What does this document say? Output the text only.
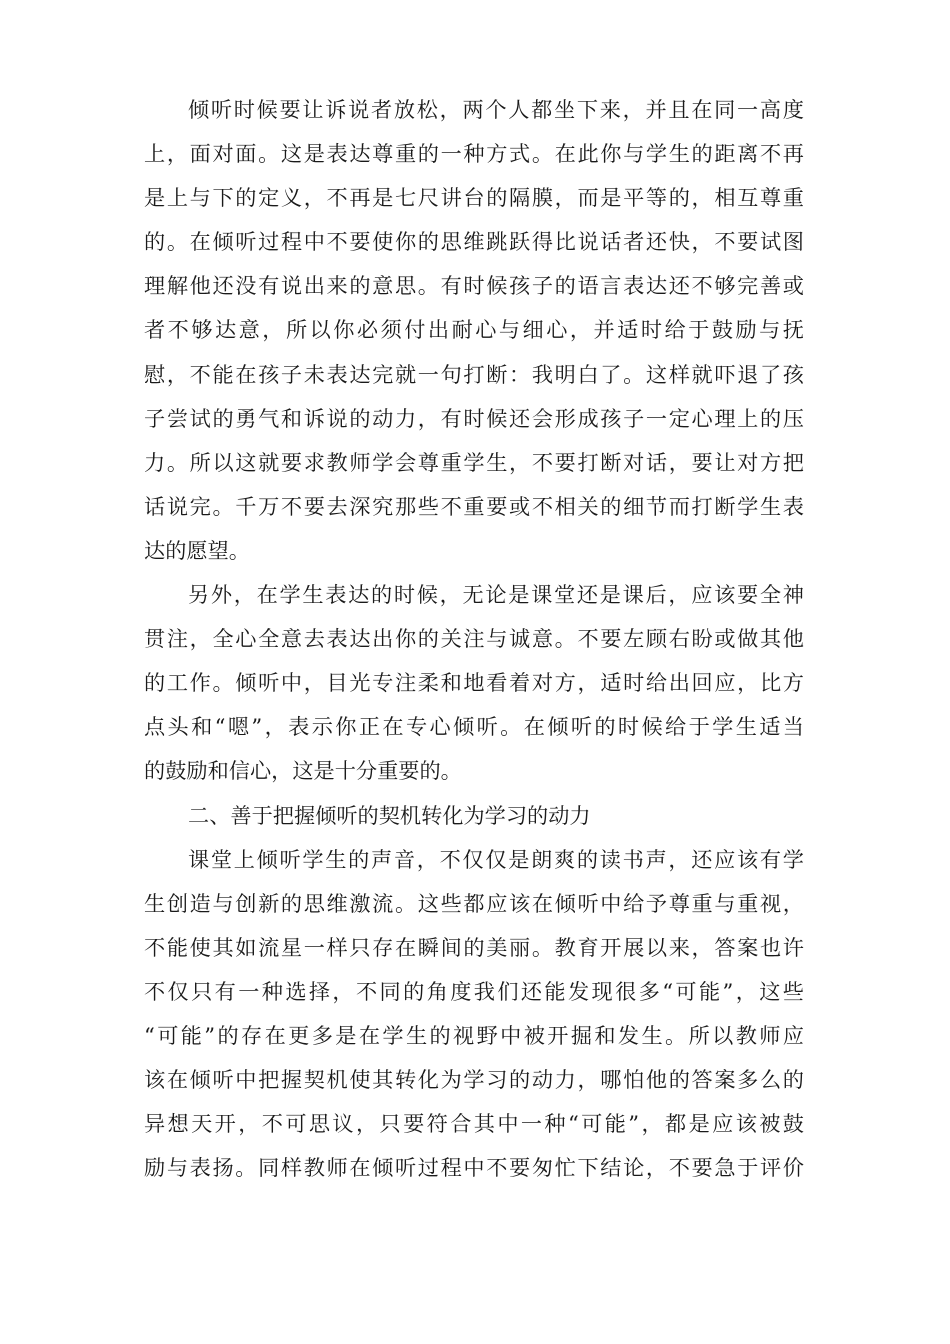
倾听时候要让诉说者放松，两个人都坐下来，并且在同一高度
上，面对面。这是表达尊重的一种方式。在此你与学生的距离不再
是上与下的定义，不再是七尺讲台的隔膜，而是平等的，相互尊重
的。在倾听过程中不要使你的思维跳跃得比说话者还快，不要试图
理解他还没有说出来的意思。有时候孩子的语言表达还不够完善或
者不够达意，所以你必须付出耐心与细心，并适时给于鼓励与抚
慰，不能在孩子未表达完就一句打断：我明白了。这样就吓退了孩
子尝试的勇气和诉说的动力，有时候还会形成孩子一定心理上的压
力。所以这就要求教师学会尊重学生，不要打断对话，要让对方把
话说完。千万不要去深究那些不重要或不相关的细节而打断学生表
达的愿望。
另外，在学生表达的时候，无论是课堂还是课后，应该要全神
贯注，全心全意去表达出你的关注与诚意。不要左顾右盼或做其他
的工作。倾听中，目光专注柔和地看着对方，适时给出回应，比方
点头和“嗯”，表示你正在专心倾听。在倾听的时候给于学生适当
的鼓励和信心，这是十分重要的。
二、善于把握倾听的契机转化为学习的动力
课堂上倾听学生的声音，不仅仅是朗爽的读书声，还应该有学
生创造与创新的思维激流。这些都应该在倾听中给予尊重与重视，
不能使其如流星一样只存在瞬间的美丽。教育开展以来，答案也许
不仅只有一种选择，不同的角度我们还能发现很多“可能”，这些
“可能”的存在更多是在学生的视野中被开掘和发生。所以教师应
该在倾听中把握契机使其转化为学习的动力，哪怕他的答案多么的
异想天开，不可思议，只要符合其中一种“可能”，都是应该被鼓
励与表扬。同样教师在倾听过程中不要匆忙下结论，不要急于评价
